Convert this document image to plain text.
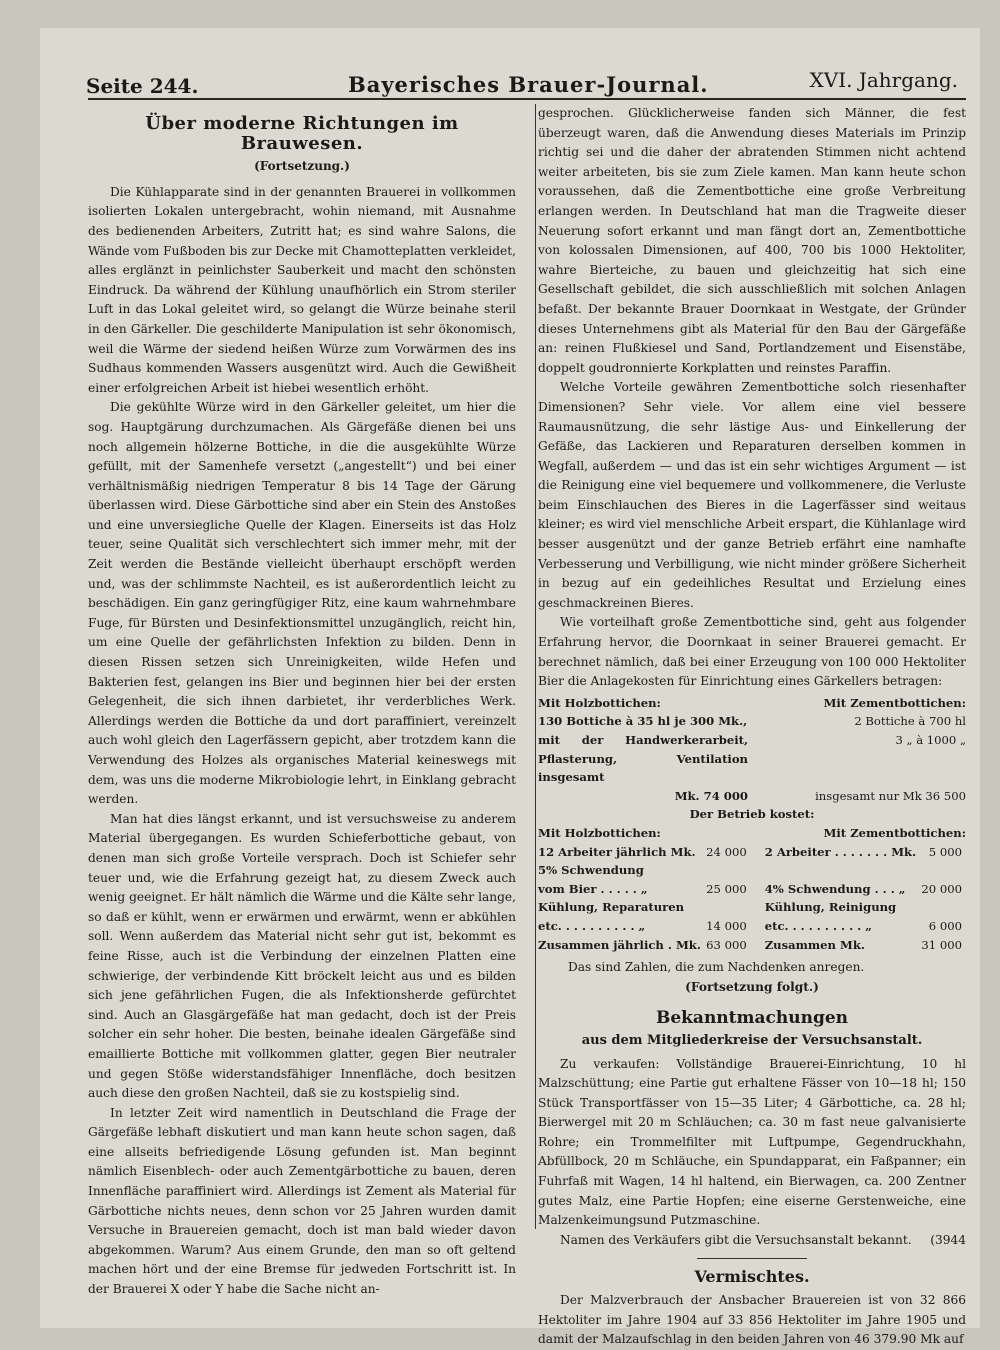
Seite 244.	Bayerisches Brauer-Journal.	XVI. Jahrgang.
Über moderne Richtungen im Brauwesen.
(Fortsetzung.)

Die Kühlapparate sind in der genannten Brauerei in vollkommen isolierten Lokalen untergebracht, wohin niemand, mit Ausnahme des bedienenden Arbeiters, Zutritt hat; es sind wahre Salons, die Wände vom Fußboden bis zur Decke mit Chamotteplatten verkleidet, alles erglänzt in peinlichster Sauberkeit und macht den schönsten Eindruck. Da während der Kühlung unaufhörlich ein Strom steriler Luft in das Lokal geleitet wird, so gelangt die Würze beinahe steril in den Gärkeller. Die geschilderte Manipulation ist sehr ökonomisch, weil die Wärme der siedend heißen Würze zum Vorwärmen des ins Sudhaus kommenden Wassers ausgenützt wird. Auch die Gewißheit einer erfolgreichen Arbeit ist hiebei wesentlich erhöht.

Die gekühlte Würze wird in den Gärkeller geleitet, um hier die sog. Hauptgärung durchzumachen. Als Gärgefäße dienen bei uns noch allgemein hölzerne Bottiche, in die die ausgekühlte Würze gefüllt, mit der Samenhefe versetzt („angestellt“) und bei einer verhältnismäßig niedrigen Temperatur 8 bis 14 Tage der Gärung überlassen wird. Diese Gärbottiche sind aber ein Stein des Anstoßes und eine unversiegliche Quelle der Klagen. Einerseits ist das Holz teuer, seine Qualität sich verschlechtert sich immer mehr, mit der Zeit werden die Bestände vielleicht überhaupt erschöpft werden und, was der schlimmste Nachteil, es ist außerordentlich leicht zu beschädigen. Ein ganz geringfügiger Ritz, eine kaum wahrnehmbare Fuge, für Bürsten und Desinfektionsmittel unzugänglich, reicht hin, um eine Quelle der gefährlichsten Infektion zu bilden. Denn in diesen Rissen setzen sich Unreinigkeiten, wilde Hefen und Bakterien fest, gelangen ins Bier und beginnen hier bei der ersten Gelegenheit, die sich ihnen darbietet, ihr verderbliches Werk. Allerdings werden die Bottiche da und dort paraffiniert, vereinzelt auch wohl gleich den Lagerfässern gepicht, aber trotzdem kann die Verwendung des Holzes als organisches Material keineswegs mit dem, was uns die moderne Mikrobiologie lehrt, in Einklang gebracht werden.

Man hat dies längst erkannt, und ist versuchsweise zu anderem Material übergegangen. Es wurden Schieferbottiche gebaut, von denen man sich große Vorteile versprach. Doch ist Schiefer sehr teuer und, wie die Erfahrung gezeigt hat, zu diesem Zweck auch wenig geeignet. Er hält nämlich die Wärme und die Kälte sehr lange, so daß er kühlt, wenn er erwärmen und erwärmt, wenn er abkühlen soll. Wenn außerdem das Material nicht sehr gut ist, bekommt es feine Risse, auch ist die Verbindung der einzelnen Platten eine schwierige, der verbindende Kitt bröckelt leicht aus und es bilden sich jene gefährlichen Fugen, die als Infektionsherde gefürchtet sind. Auch an Glasgärgefäße hat man gedacht, doch ist der Preis solcher ein sehr hoher. Die besten, beinahe idealen Gärgefäße sind emaillierte Bottiche mit vollkommen glatter, gegen Bier neutraler und gegen Stöße widerstandsfähiger Innenfläche, doch besitzen auch diese den großen Nachteil, daß sie zu kostspielig sind.

In letzter Zeit wird namentlich in Deutschland die Frage der Gärgefäße lebhaft diskutiert und man kann heute schon sagen, daß eine allseits befriedigende Lösung gefunden ist. Man beginnt nämlich Eisenblech- oder auch Zementgärbottiche zu bauen, deren Innenfläche paraffiniert wird. Allerdings ist Zement als Material für Gärbottiche nichts neues, denn schon vor 25 Jahren wurden damit Versuche in Brauereien gemacht, doch ist man bald wieder davon abgekommen. Warum? Aus einem Grunde, den man so oft geltend machen hört und der eine Bremse für jedweden Fortschritt ist. In der Brauerei X oder Y habe die Sache nicht an-

gesprochen. Glücklicherweise fanden sich Männer, die fest überzeugt waren, daß die Anwendung dieses Materials im Prinzip richtig sei und die daher der abratenden Stimmen nicht achtend weiter arbeiteten, bis sie zum Ziele kamen. Man kann heute schon voraussehen, daß die Zementbottiche eine große Verbreitung erlangen werden. In Deutschland hat man die Tragweite dieser Neuerung sofort erkannt und man fängt dort an, Zementbottiche von kolossalen Dimensionen, auf 400, 700 bis 1000 Hektoliter, wahre Bierteiche, zu bauen und gleichzeitig hat sich eine Gesellschaft gebildet, die sich ausschließlich mit solchen Anlagen befaßt. Der bekannte Brauer Doornkaat in Westgate, der Gründer dieses Unternehmens gibt als Material für den Bau der Gärgefäße an: reinen Flußkiesel und Sand, Portlandzement und Eisenstäbe, doppelt goudronnierte Korkplatten und reinstes Paraffin.

Welche Vorteile gewähren Zementbottiche solch riesenhafter Dimensionen? Sehr viele. Vor allem eine viel bessere Raumausnützung, die sehr lästige Aus- und Einkellerung der Gefäße, das Lackieren und Reparaturen derselben kommen in Wegfall, außerdem — und das ist ein sehr wichtiges Argument — ist die Reinigung eine viel bequemere und vollkommenere, die Verluste beim Einschlauchen des Bieres in die Lagerfässer sind weitaus kleiner; es wird viel menschliche Arbeit erspart, die Kühlanlage wird besser ausgenützt und der ganze Betrieb erfährt eine namhafte Verbesserung und Verbilligung, wie nicht minder größere Sicherheit in bezug auf ein gedeihliches Resultat und Erzielung eines geschmackreinen Bieres.

Wie vorteilhaft große Zementbottiche sind, geht aus folgender Erfahrung hervor, die Doornkaat in seiner Brauerei gemacht. Er berechnet nämlich, daß bei einer Erzeugung von 100 000 Hektoliter Bier die Anlagekosten für Einrichtung eines Gärkellers betragen:

Mit Holzbottichen:	Mit Zementbottichen:
130 Bottiche à 35 hl je 300 Mk.,	2 Bottiche à 700 hl
mit der Handwerkerarbeit, Pflasterung, Ventilation insgesamt	3 „ à 1000 „
Mk. 74 000	insgesamt nur Mk 36 500
Der Betrieb kostet:
Mit Holzbottichen:	Mit Zementbottichen:

12 Arbeiter jährlich Mk.	24 000	2 Arbeiter . . . . . . . Mk.	5 000
5% Schwendung			
vom Bier . . . . . „	25 000	4% Schwendung . . . „	20 000
Kühlung, Reparaturen		Kühlung, Reinigung	
etc. . . . . . . . . . „	14 000	etc. . . . . . . . . . „	6 000
Zusammen jährlich . Mk.	63 000	Zusammen Mk.	31 000

Das sind Zahlen, die zum Nachdenken anregen.

(Fortsetzung folgt.)
Bekanntmachungen
aus dem Mitgliederkreise der Versuchsanstalt.

Zu verkaufen: Vollständige Brauerei-Einrichtung, 10 hl Malzschüttung; eine Partie gut erhaltene Fässer von 10—18 hl; 150 Stück Transportfässer von 15—35 Liter; 4 Gärbottiche, ca. 28 hl; Bierwergel mit 20 m Schläuchen; ca. 30 m fast neue galvanisierte Rohre; ein Trommelfilter mit Luftpumpe, Gegendruckhahn, Abfüllbock, 20 m Schläuche, ein Spundapparat, ein Faßpanner; ein Fuhrfaß mit Wagen, 14 hl haltend, ein Bierwagen, ca. 200 Zentner gutes Malz, eine Partie Hopfen; eine eiserne Gerstenweiche, eine Malzenkeimungsund Putzmaschine.

Namen des Verkäufers gibt die Versuchsanstalt bekannt. (3944
Vermischtes.

Der Malzverbrauch der Ansbacher Brauereien ist von 32 866 Hektoliter im Jahre 1904 auf 33 856 Hektoliter im Jahre 1905 und damit der Malzaufschlag in den beiden Jahren von 46 379.90 Mk auf
